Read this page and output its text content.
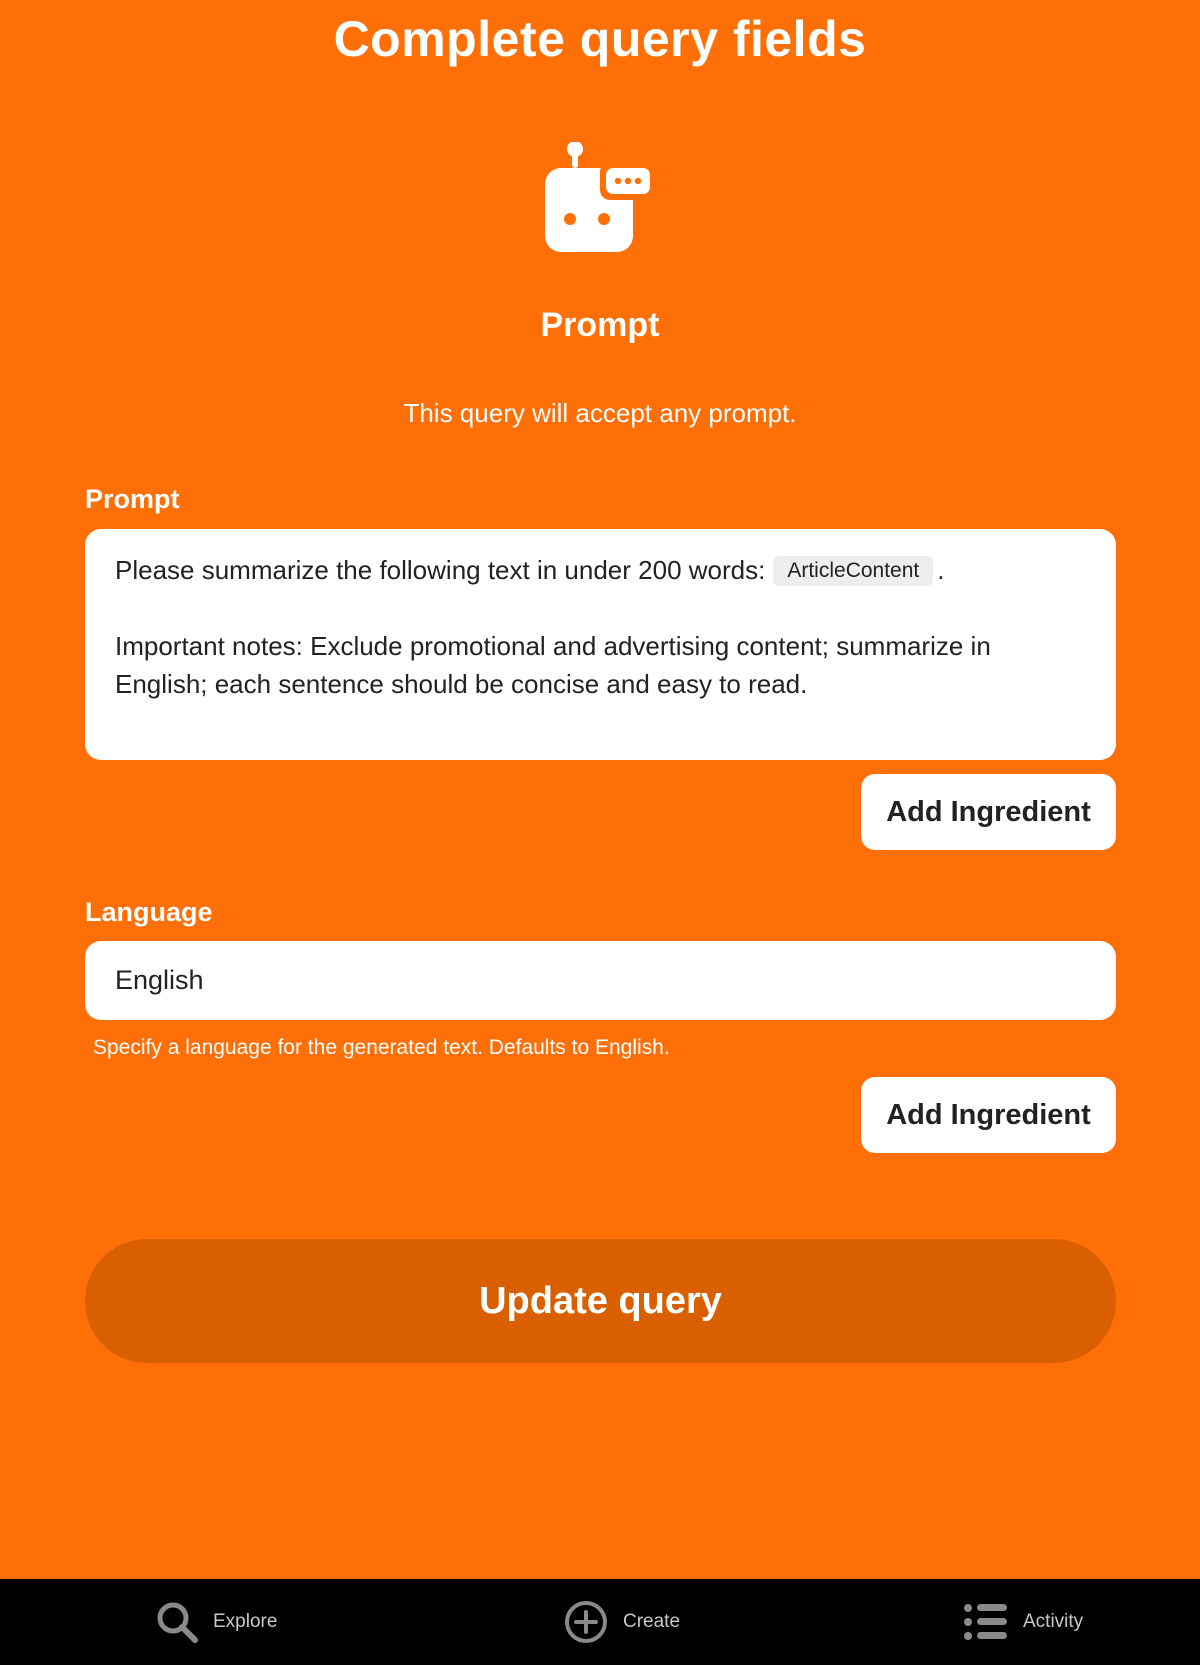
Complete query fields
Prompt
This query will accept any prompt.
Prompt
Please summarize the following text in under 200 words: ArticleContent .
Important notes: Exclude promotional and advertising content; summarize in English; each sentence should be concise and easy to read.
Add Ingredient
Language
English
Specify a language for the generated text. Defaults to English.
Add Ingredient
Update query
Explore	Create	Activity
